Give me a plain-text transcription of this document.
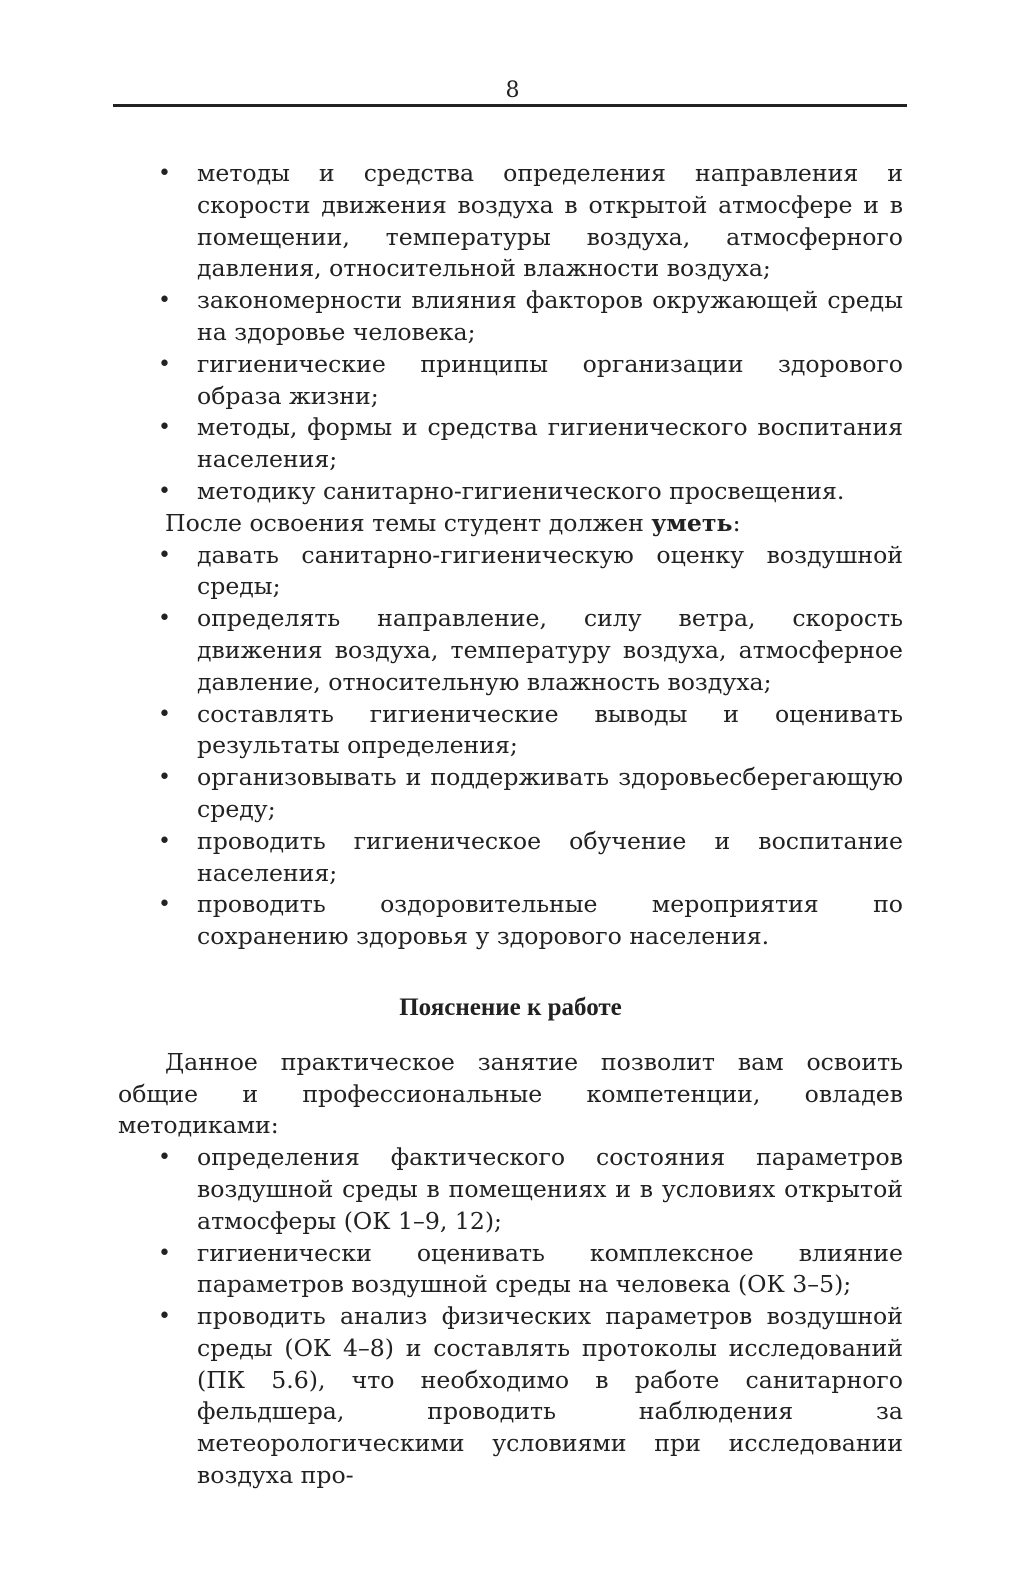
8
• методы и средства определения направления и скорости движения воздуха в открытой атмосфере и в помещении, температуры воздуха, атмосферного давления, относительной влажности воздуха;
• закономерности влияния факторов окружающей среды на здоровье человека;
• гигиенические принципы организации здорового образа жизни;
• методы, формы и средства гигиенического воспитания населения;
• методику санитарно-гигиенического просвещения.

После освоения темы студент должен уметь:

• давать санитарно-гигиеническую оценку воздушной среды;
• определять направление, силу ветра, скорость движения воздуха, температуру воздуха, атмосферное давление, относительную влажность воздуха;
• составлять гигиенические выводы и оценивать результаты определения;
• организовывать и поддерживать здоровьесберегающую среду;
• проводить гигиеническое обучение и воспитание населения;
• проводить оздоровительные мероприятия по сохранению здоровья у здорового населения.

Пояснение к работе

Данное практическое занятие позволит вам освоить общие и профессиональные компетенции, овладев методиками:

• определения фактического состояния параметров воздушной среды в помещениях и в условиях открытой атмосферы (ОК 1–9, 12);
• гигиенически оценивать комплексное влияние параметров воздушной среды на человека (ОК 3–5);
• проводить анализ физических параметров воздушной среды (ОК 4–8) и составлять протоколы исследований (ПК 5.6), что необходимо в работе санитарного фельдшера, проводить наблюдения за метеорологическими условиями при исследовании воздуха про-
